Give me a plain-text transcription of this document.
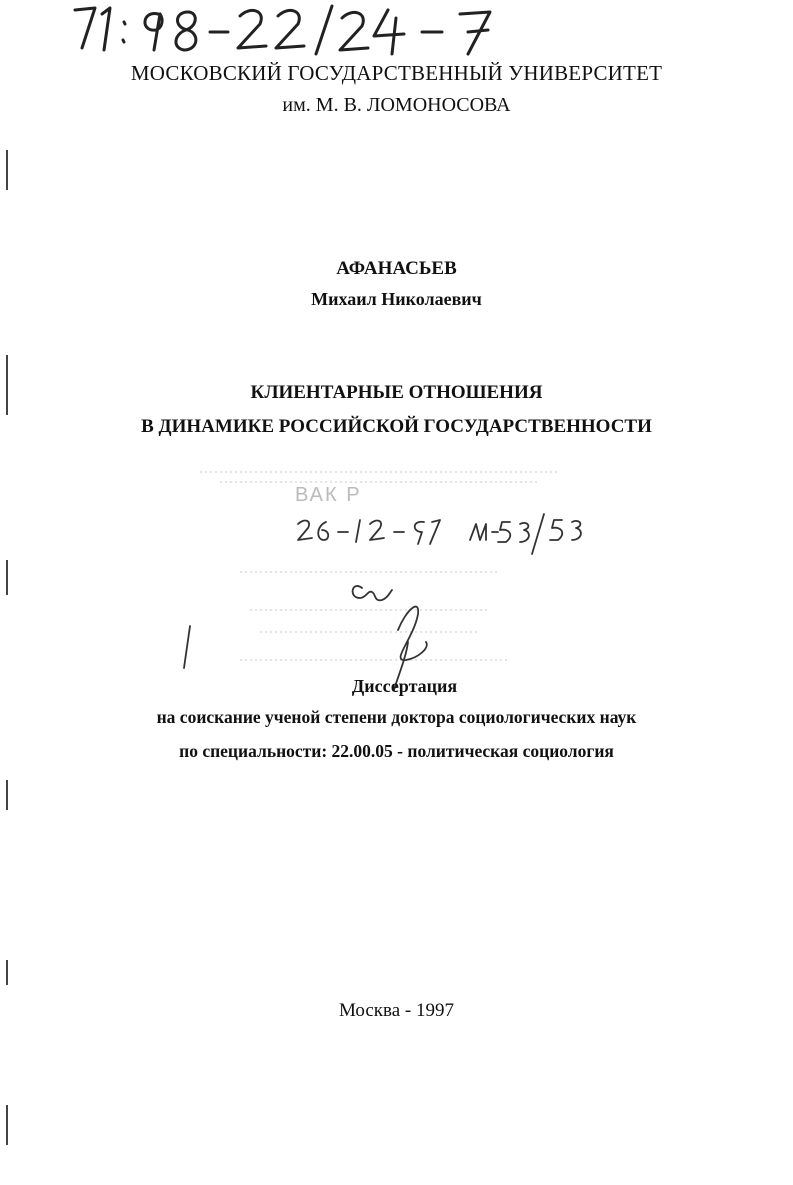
МОСКОВСКИЙ ГОСУДАРСТВЕННЫЙ УНИВЕРСИТЕТ
им. М. В. ЛОМОНОСОВА
АФАНАСЬЕВ
Михаил Николаевич
КЛИЕНТАРНЫЕ ОТНОШЕНИЯ
В ДИНАМИКЕ РОССИЙСКОЙ ГОСУДАРСТВЕННОСТИ
ВАК Р
Диссертация
на соискание ученой степени доктора социологических наук
по специальности: 22.00.05 - политическая социология
Москва - 1997
